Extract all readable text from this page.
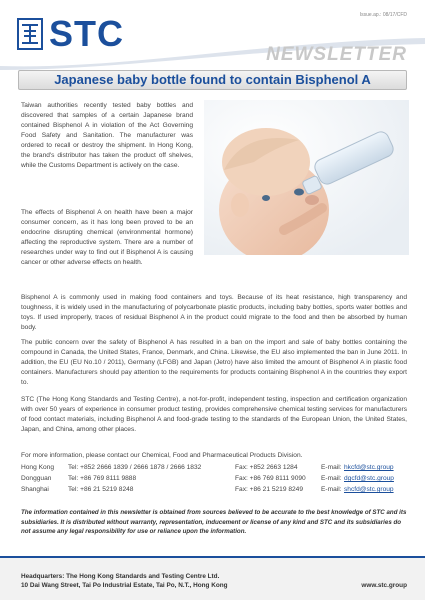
STC	Issue.ap.: 08/17/CFD
NEWSLETTER
Japanese baby bottle found to contain Bisphenol A
Taiwan authorities recently tested baby bottles and discovered that samples of a certain Japanese brand contained Bisphenol A in violation of the Act Governing Food Safety and Sanitation. The manufacturer was ordered to recall or destroy the shipment. In Hong Kong, the brand's distributor has taken the product off shelves, while the Customs Department is actively on the case.
The effects of Bisphenol A on health have been a major consumer concern, as it has long been proved to be an endocrine disrupting chemical (environmental hormone) affecting the reproductive system. There are a number of researches under way to find out if Bisphenol A is causing cancer or other adverse effects on health.
Bisphenol A is commonly used in making food containers and toys. Because of its heat resistance, high transparency and toughness, it is widely used in the manufacturing of polycarbonate plastic products, including baby bottles, sports water bottles and toys. If used improperly, traces of residual Bisphenol A in the product could migrate to the food and then be absorbed by human body.
The public concern over the safety of Bisphenol A has resulted in a ban on the import and sale of baby bottles containing the compound in Canada, the United States, France, Denmark, and China. Likewise, the EU also implemented the ban in June 2011. In addition, the EU (EU No.10 / 2011), Germany (LFGB) and Japan (Jetro) have also limited the amount of Bisphenol A in plastic food containers. Manufacturers should pay attention to the requirements for products containing Bisphenol A in the countries they export to.
STC (The Hong Kong Standards and Testing Centre), a not-for-profit, independent testing, inspection and certification organization with over 50 years of experience in consumer product testing, provides comprehensive chemical testing services for manufacturers of food contact materials, including Bisphenol A and food-grade testing to the standards of the European Union, the United States, Japan, and China, among other places.
For more information, please contact our Chemical, Food and Pharmaceutical Products Division.
Hong Kong Tel: +852 2666 1839 / 2666 1878 / 2666 1832	Fax: +852 2663 1284	E-mail: hkcfd@stc.group
Dongguan	Tel: +86 769 8111 9888	Fax: +86 769 8111 9090 E-mail: dgcfd@stc.group
Shanghai	Tel: +86 21 5219 8248	Fax: +86 21 5219 8249	E-mail: shcfd@stc.group
The information contained in this newsletter is obtained from sources believed to be accurate to the best knowledge of STC and its subsidiaries. It is distributed without warranty, representation, inducement or license of any kind and STC and its subsidiaries do not assume any legal responsibility for use or reliance upon the information.
Headquarters: The Hong Kong Standards and Testing Centre Ltd.
10 Dai Wang Street, Tai Po Industrial Estate, Tai Po, N.T., Hong Kong	www.stc.group
